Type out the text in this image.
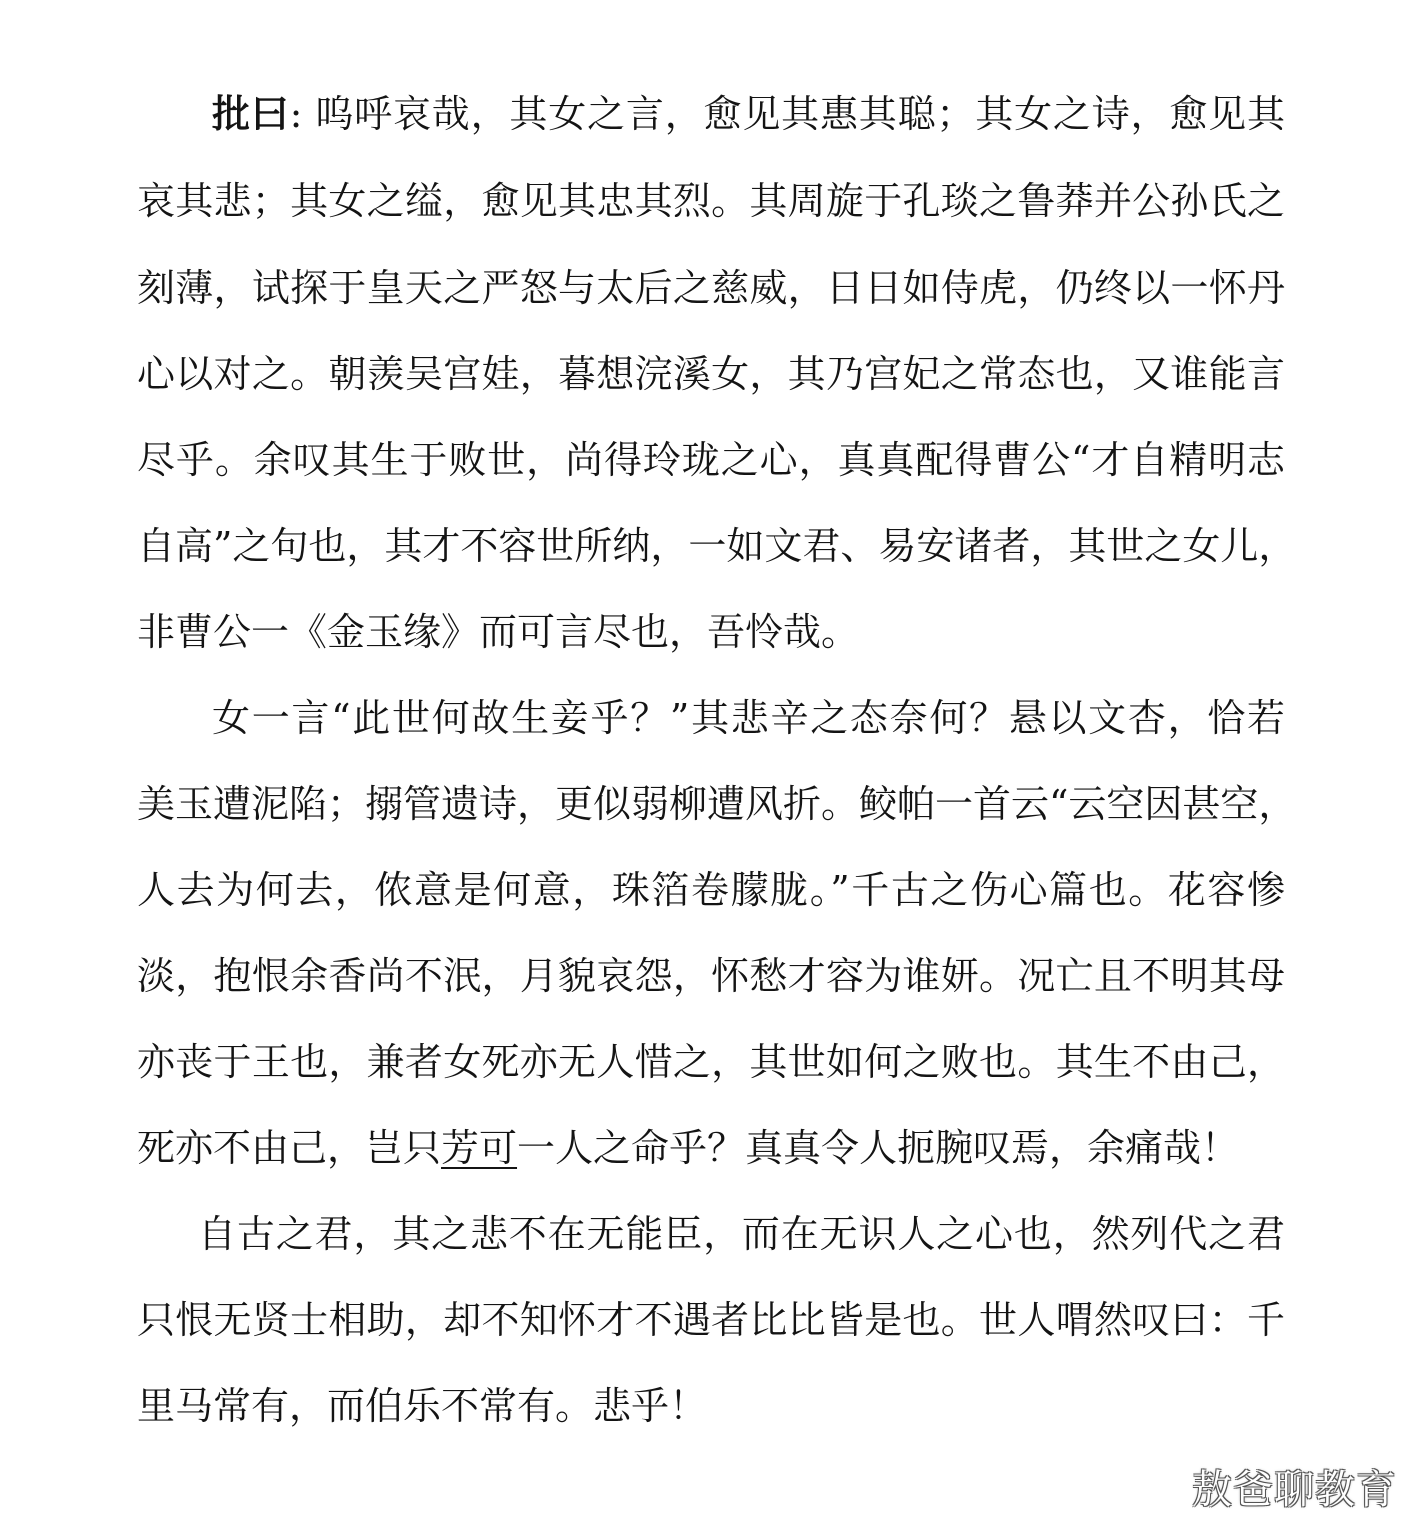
批曰: 呜呼哀哉，其女之言，愈见其惠其聪；其女之诗，愈见其
哀其悲；其女之缢，愈见其忠其烈。其周旋于孔琰之鲁莽并公孙氏之
刻薄，试探于皇天之严怒与太后之慈威，日日如侍虎，仍终以一怀丹
心以对之。朝羡吴宫娃，暮想浣溪女，其乃宫妃之常态也，又谁能言
尽乎。余叹其生于败世，尚得玲珑之心，真真配得曹公“才自精明志
自高”之句也，其才不容世所纳，一如文君、易安诸者，其世之女儿，
非曹公一《金玉缘》而可言尽也，吾怜哉。
女一言“此世何故生妾乎？”其悲辛之态奈何？悬以文杏，恰若
美玉遭泥陷；搦管遗诗，更似弱柳遭风折。鲛帕一首云“云空因甚空，
人去为何去，侬意是何意，珠箔卷朦胧。”千古之伤心篇也。花容惨
淡，抱恨余香尚不泯，月貌哀怨，怀愁才容为谁妍。况亡且不明其母
亦丧于王也，兼者女死亦无人惜之，其世如何之败也。其生不由己，
死亦不由己，岂只芳可一人之命乎？真真令人扼腕叹焉，余痛哉！
自古之君，其之悲不在无能臣，而在无识人之心也，然列代之君
只恨无贤士相助，却不知怀才不遇者比比皆是也。世人喟然叹曰：千
里马常有，而伯乐不常有。悲乎！
敖爸聊教育
